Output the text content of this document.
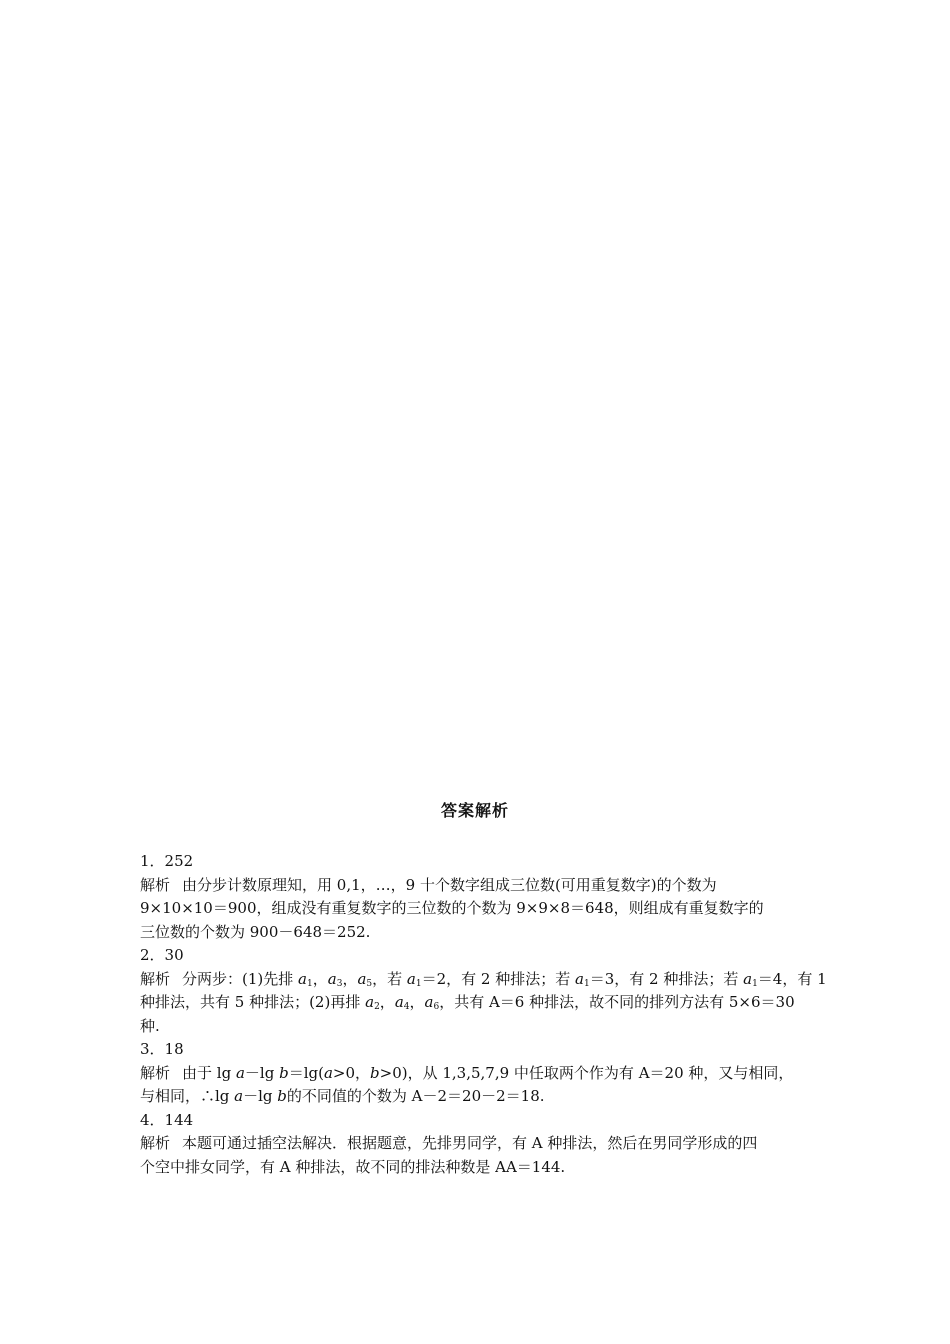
答案解析
1．252
解析 由分步计数原理知，用 0,1，…，9 十个数字组成三位数(可用重复数字)的个数为
9×10×10＝900，组成没有重复数字的三位数的个数为 9×9×8＝648，则组成有重复数字的
三位数的个数为 900－648＝252.
2．30
解析 分两步：(1)先排 $a_1$，$a_3$，$a_5$，若 $a_1=2$，有 2 种排法；若 $a_1=3$，有 2 种排法；若 $a_1=4$，有 1
种排法，共有 5 种排法；(2)再排 $a_2$，$a_4$，$a_6$，共有 A＝6 种排法，故不同的排列方法有 5×6＝30
种.
3．18
解析 由于 lg a－lg b＝lg(a>0，b>0)，从 1,3,5,7,9 中任取两个作为有 A＝20 种，又与相同，
与相同，∴lg a－lg b的不同值的个数为 A－2＝20－2＝18.
4．144
解析 本题可通过插空法解决．根据题意，先排男同学，有 A 种排法，然后在男同学形成的四
个空中排女同学，有 A 种排法，故不同的排法种数是 AA＝144.
